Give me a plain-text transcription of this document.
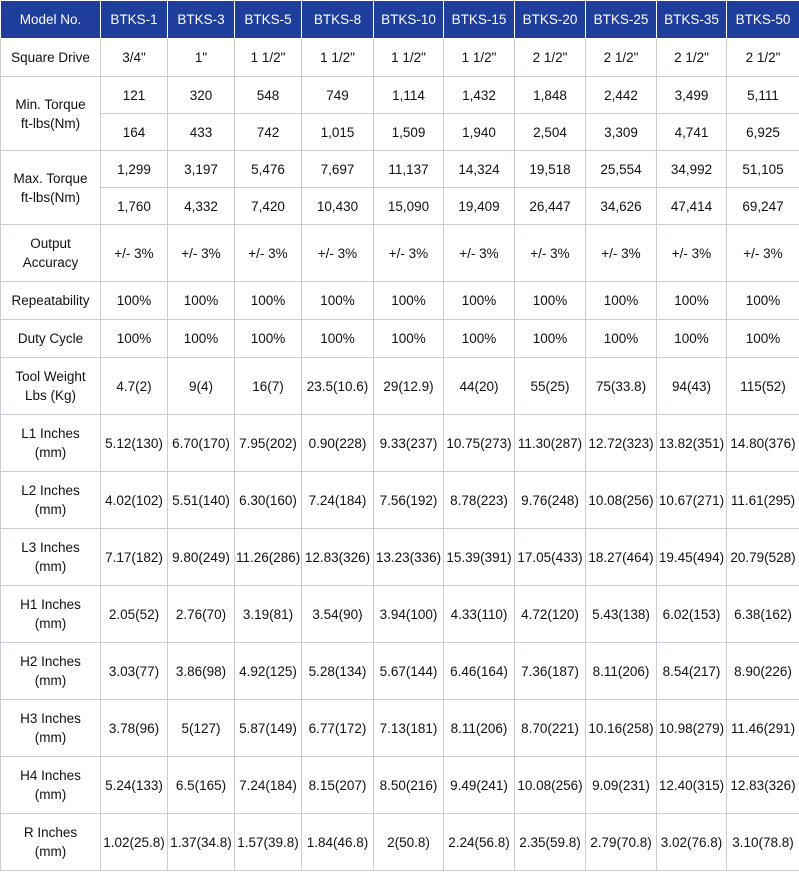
Model No.	BTKS-1	BTKS-3	BTKS-5	BTKS-8	BTKS-10	BTKS-15	BTKS-20	BTKS-25	BTKS-35	BTKS-50
Square Drive	3/4"	1"	1 1/2"	1 1/2"	1 1/2"	1 1/2"	2 1/2"	2 1/2"	2 1/2"	2 1/2"
Min. Torque
ft-lbs(Nm)	121	320	548	749	1,114	1,432	1,848	2,442	3,499	5,111
	164	433	742	1,015	1,509	1,940	2,504	3,309	4,741	6,925
Max. Torque
ft-lbs(Nm)	1,299	3,197	5,476	7,697	11,137	14,324	19,518	25,554	34,992	51,105
	1,760	4,332	7,420	10,430	15,090	19,409	26,447	34,626	47,414	69,247
Output
Accuracy	+/- 3%	+/- 3%	+/- 3%	+/- 3%	+/- 3%	+/- 3%	+/- 3%	+/- 3%	+/- 3%	+/- 3%
Repeatability	100%	100%	100%	100%	100%	100%	100%	100%	100%	100%
Duty Cycle	100%	100%	100%	100%	100%	100%	100%	100%	100%	100%
Tool Weight
Lbs (Kg)	4.7(2)	9(4)	16(7)	23.5(10.6)	29(12.9)	44(20)	55(25)	75(33.8)	94(43)	115(52)
L1 Inches
(mm)	5.12(130)	6.70(170)	7.95(202)	0.90(228)	9.33(237)	10.75(273)	11.30(287)	12.72(323)	13.82(351)	14.80(376)
L2 Inches
(mm)	4.02(102)	5.51(140)	6.30(160)	7.24(184)	7.56(192)	8.78(223)	9.76(248)	10.08(256)	10.67(271)	11.61(295)
L3 Inches
(mm)	7.17(182)	9.80(249)	11.26(286)	12.83(326)	13.23(336)	15.39(391)	17.05(433)	18.27(464)	19.45(494)	20.79(528)
H1 Inches
(mm)	2.05(52)	2.76(70)	3.19(81)	3.54(90)	3.94(100)	4.33(110)	4.72(120)	5.43(138)	6.02(153)	6.38(162)
H2 Inches
(mm)	3.03(77)	3.86(98)	4.92(125)	5.28(134)	5.67(144)	6.46(164)	7.36(187)	8.11(206)	8.54(217)	8.90(226)
H3 Inches
(mm)	3.78(96)	5(127)	5.87(149)	6.77(172)	7.13(181)	8.11(206)	8.70(221)	10.16(258)	10.98(279)	11.46(291)
H4 Inches
(mm)	5.24(133)	6.5(165)	7.24(184)	8.15(207)	8.50(216)	9.49(241)	10.08(256)	9.09(231)	12.40(315)	12.83(326)
R Inches
(mm)	1.02(25.8)	1.37(34.8)	1.57(39.8)	1.84(46.8)	2(50.8)	2.24(56.8)	2.35(59.8)	2.79(70.8)	3.02(76.8)	3.10(78.8)
